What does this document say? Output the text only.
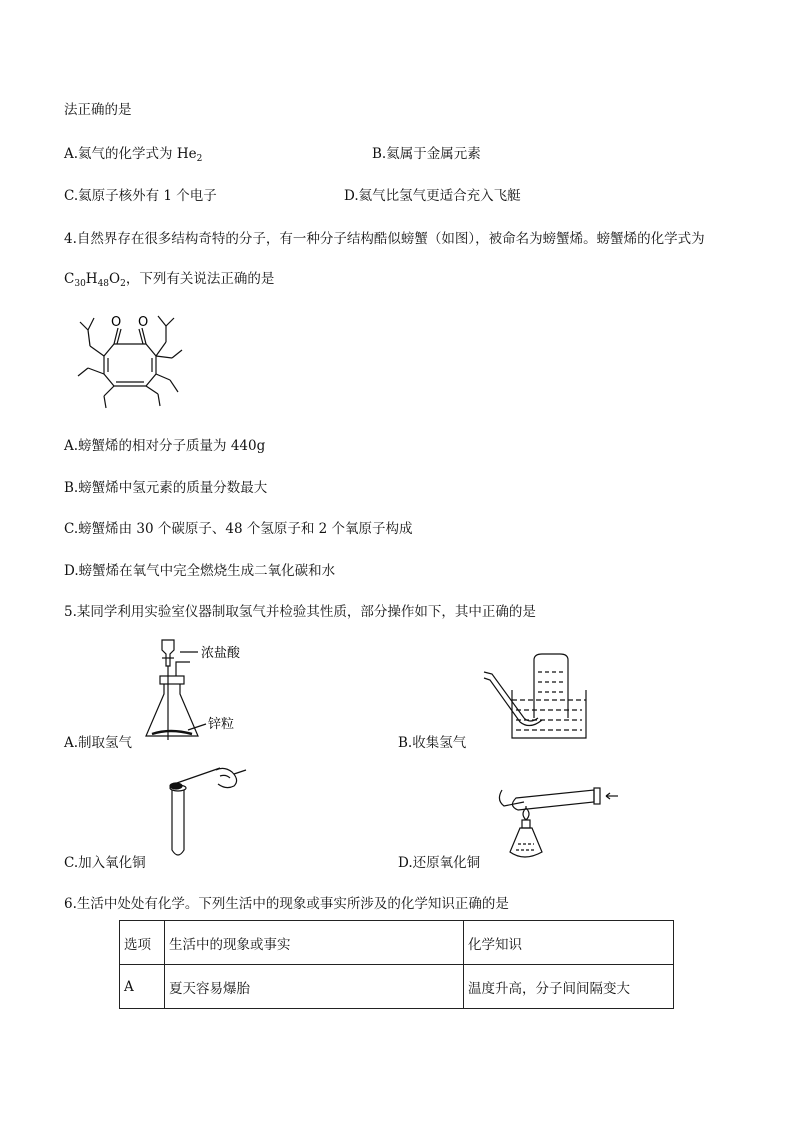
法正确的是
A.氦气的化学式为 $He_2$	B.氦属于金属元素
C.氦原子核外有 1 个电子	D.氦气比氢气更适合充入飞艇
4.自然界存在很多结构奇特的分子，有一种分子结构酷似螃蟹（如图），被命名为螃蟹烯。螃蟹烯的化学式为
$C_{30}H_{48}O_2$，下列有关说法正确的是
O O
A.螃蟹烯的相对分子质量为 440g
B.螃蟹烯中氢元素的质量分数最大
C.螃蟹烯由 30 个碳原子、48 个氢原子和 2 个氧原子构成
D.螃蟹烯在氧气中完全燃烧生成二氧化碳和水
5.某同学利用实验室仪器制取氢气并检验其性质，部分操作如下，其中正确的是
浓盐酸
锌粒
A.制取氢气	B.收集氢气
C.加入氧化铜	D.还原氧化铜
6.生活中处处有化学。下列生活中的现象或事实所涉及的化学知识正确的是
选项	生活中的现象或事实	化学知识
A	夏天容易爆胎	温度升高，分子间间隔变大
